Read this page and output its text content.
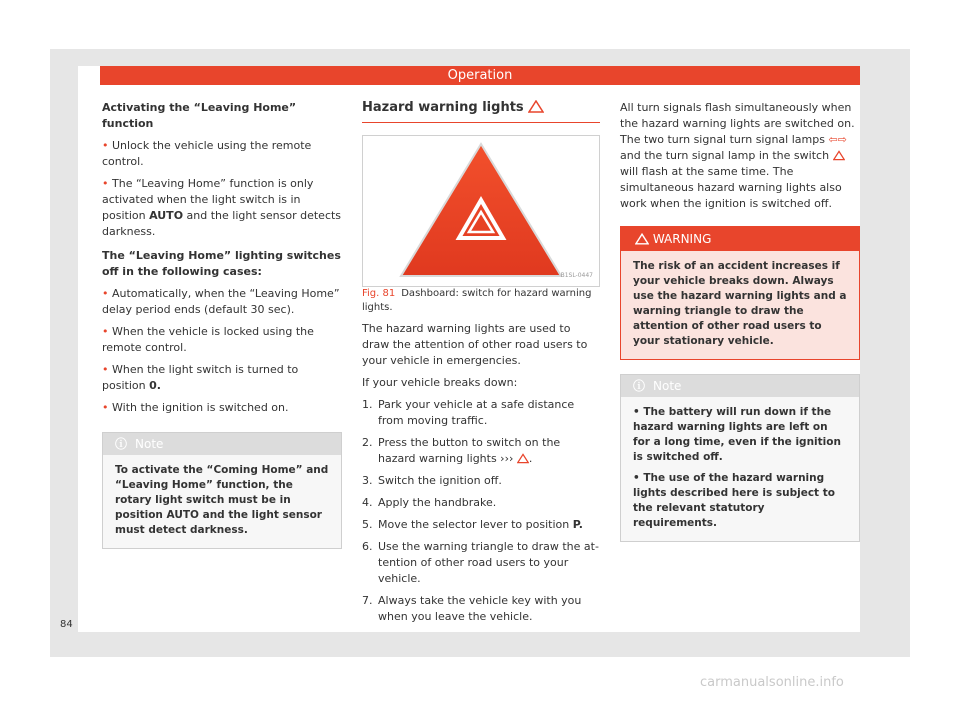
Operation

Activating the “Leaving Home” function

• Unlock the vehicle using the remote control.

• The “Leaving Home” function is only activated when the light switch is in position AUTO and the light sensor detects darkness.

The “Leaving Home” lighting switches off in the following cases:

• Automatically, when the “Leaving Home” delay period ends (default 30 sec).

• When the vehicle is locked using the remote control.

• When the light switch is turned to position 0.

• With the ignition is switched on.

ⓘ Note
To activate the “Coming Home” and “Leaving Home” function, the rotary light switch must be in position AUTO and the light sensor must detect darkness.
Hazard warning lights
B1SL-0447

Fig. 81 Dashboard: switch for hazard warning lights.

The hazard warning lights are used to draw the attention of other road users to your vehicle in emergencies.

If your vehicle breaks down:

1. Park your vehicle at a safe distance from moving traffic.
2. Press the button to switch on the hazard warning lights ››› .
3. Switch the ignition off.
4. Apply the handbrake.
5. Move the selector lever to position P.
6. Use the warning triangle to draw the attention of other road users to your vehicle.
7. Always take the vehicle key with you when you leave the vehicle.

All turn signals flash simultaneously when the hazard warning lights are switched on. The two turn signal turn signal lamps ⇦⇨ and the turn signal lamp in the switch  will flash at the same time. The simultaneous hazard warning lights also work when the ignition is switched off.

WARNING
The risk of an accident increases if your vehicle breaks down. Always use the hazard warning lights and a warning triangle to draw the attention of other road users to your stationary vehicle.
ⓘ Note

• The battery will run down if the hazard warning lights are left on for a long time, even if the ignition is switched off.

• The use of the hazard warning lights described here is subject to the relevant statutory requirements.

84
carmanualsonline.info
